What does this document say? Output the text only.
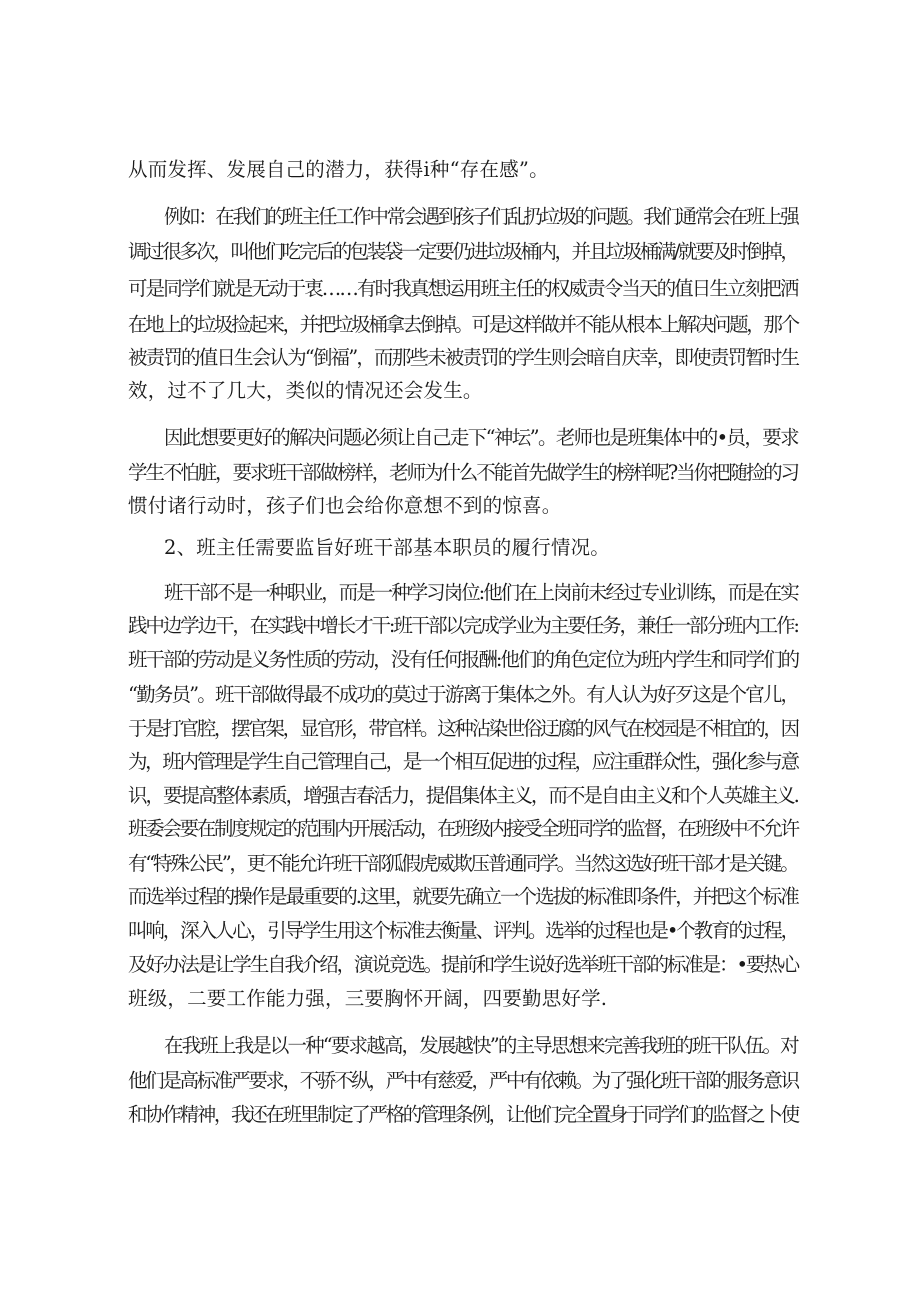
从而发挥、发展自己的潜力，获得i种“存在感”。
例如：在我们的班主任工作中常会遇到孩子们乱扔垃圾的问题。我们通常会在班上强
调过很多次，叫他们吃完后的包装袋一定要仍进垃圾桶内，并且垃圾桶满/就要及时倒掉，
可是同学们就是无动于衷……有时我真想运用班主任的权威责令当天的值日生立刻把洒
在地上的垃圾捡起来，并把垃圾桶拿去倒掉。可是这样做并不能从根本上解决问题，那个
被责罚的值日生会认为“倒福”，而那些未被责罚的学生则会暗自庆幸，即使责罚暂时生
效，过不了几大，类似的情况还会发生。
因此想要更好的解决问题必须让自己走下“神坛”。老师也是班集体中的•员，要求
学生不怕脏，要求班干部做榜样，老师为什么不能首先做学生的榜样呢?当你把随捡的习
惯付诸行动时，孩子们也会给你意想不到的惊喜。
2、班主任需要监旨好班干部基本职员的履行情况。
班干部不是一种职业，而是一种学习岗位:他们在上岗前未经过专业训练，而是在实
践中边学边干，在实践中增长才干:班干部以完成学业为主要任务，兼任一部分班内工作:
班干部的劳动是义务性质的劳动，没有任何报酬:他们的角色定位为班内学生和同学们的
“勤务员”。班干部做得最不成功的莫过于游离于集体之外。有人认为好歹这是个官儿，
于是打官腔，摆官架，显官形，带官样。这种沾染世俗迂腐的风气在校园是不相宜的，因
为，班内管理是学生自己管理自己，是一个相互促进的过程，应注重群众性，强化参与意
识，要提高整体素质，增强吉春活力，提倡集体主义，而不是自由主义和个人英雄主义.
班委会要在制度规定的范围内开展活动，在班级内接受全班同学的监督，在班级中不允许
有“特殊公民”，更不能允许班干部狐假虎威欺压普通同学。当然这选好班干部才是关键。
而选举过程的操作是最重要的.这里，就要先确立一个选拔的标准即条件，并把这个标准
叫响，深入人心，引导学生用这个标准去衡量、评判。选举的过程也是•个教育的过程，
及好办法是让学生自我介绍，演说竞选。提前和学生说好选举班干部的标准是：•要热心
班级，二要工作能力强，三要胸怀开阔，四要勤思好学.
在我班上我是以一种“要求越高，发展越快”的主导思想来完善我班的班干队伍。对
他们是高标准严要求，不骄不纵，严中有慈爱，严中有依赖。为了强化班干部的服务意识
和协作精神，我还在班里制定了严格的管理条例，让他们完全置身于同学们的监督之卜使
